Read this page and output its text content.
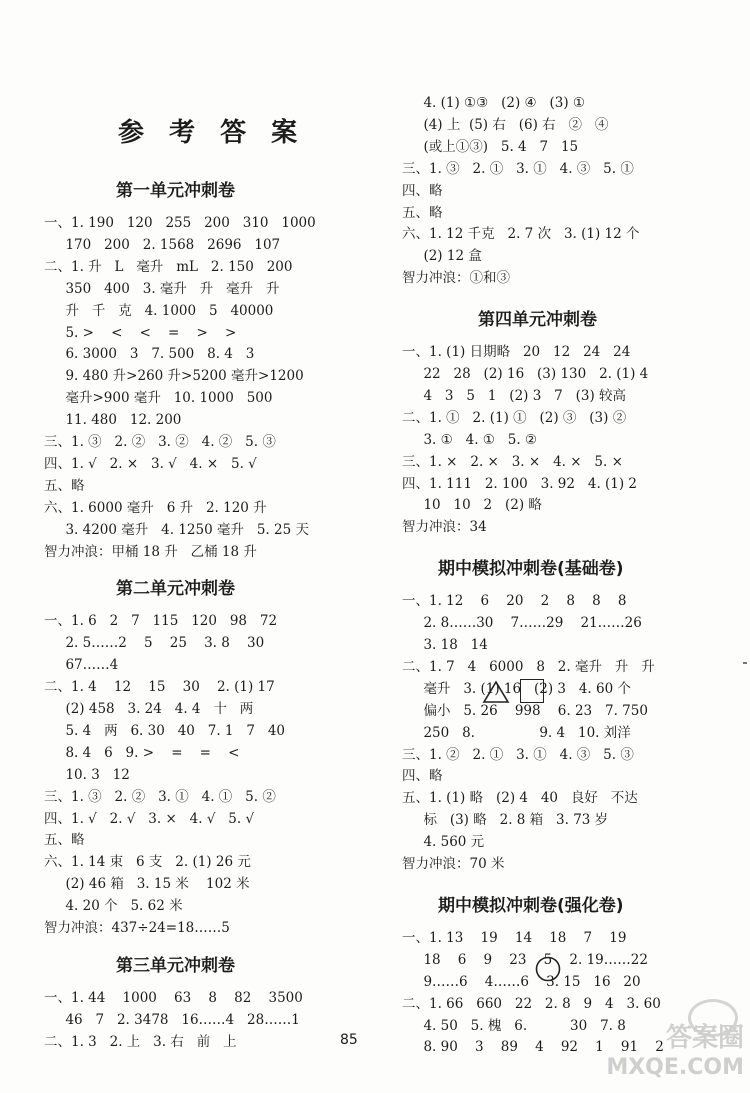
参 考 答 案
第一单元冲刺卷
一、1. 190   120   255   200   310   1000
170   200   2. 1568   2696   107
二、1. 升   L   毫升   mL   2. 150   200
350   400   3. 毫升   升   毫升   升
升   千   克   4. 1000   5   40000
5. >    <    <    =    >    >
6. 3000   3   7. 500   8. 4   3
9. 480 升>260 升>5200 毫升>1200
毫升>900 毫升   10. 1000   500
11. 480   12. 200
三、1. ③   2. ②   3. ②   4. ②   5. ③
四、1. √   2. ×   3. √   4. ×   5. √
五、略
六、1. 6000 毫升   6 升   2. 120 升
3. 4200 毫升   4. 1250 毫升   5. 25 天
智力冲浪：甲桶 18 升   乙桶 18 升
第二单元冲刺卷
一、1. 6   2   7   115   120   98   72
2. 5……2    5    25    3. 8    30
67……4
二、1. 4    12    15    30    2. (1) 17
(2) 458   3. 24   4. 4   十   两
5. 4   两   6. 30   40   7. 1   7   40
8. 4   6   9. >    =    =    <
10. 3   12
三、1. ③   2. ②   3. ①   4. ①   5. ②
四、1. √   2. √   3. ×   4. √   5. √
五、略
六、1. 14 束   6 支   2. (1) 26 元
(2) 46 箱   3. 15 米    102 米
4. 20 个   5. 62 米
智力冲浪：437÷24=18……5
第三单元冲刺卷
一、1. 44    1000    63    8    82    3500
46   7   2. 3478   16……4   28……1
二、1. 3   2. 上   3. 右   前   上
4. (1) ①③   (2) ④   (3) ①
(4) 上  (5) 右   (6) 右   ②   ④
(或上①③)   5. 4   7   15
三、1. ③   2. ①   3. ①   4. ③   5. ①
四、略
五、略
六、1. 12 千克   2. 7 次   3. (1) 12 个
(2) 12 盒
智力冲浪：①和③
第四单元冲刺卷
一、1. (1) 日期略   20   12   24   24
22   28   (2) 16   (3) 130   2. (1) 4
4   3   5   1   (2) 3   7   (3) 较高
二、1. ①   2. (1) ①   (2) ③   (3) ②
3. ①   4. ①   5. ②
三、1. ×   2. ×   3. ×   4. ×   5. ×
四、1. 111   2. 100   3. 92   4. (1) 2
10   10   2   (2) 略
智力冲浪：34
期中模拟冲刺卷(基础卷)
一、1. 12    6    20    2    8    8    8
2. 8……30    7……29    21……26
3. 18   14
二、1. 7   4   6000   8   2. 毫升   升   升
毫升   3. (1) 16   (2) 3   4. 60 个
偏小   5. 26    998    6. 23   7. 750
250   8.               9. 4   10. 刘洋
三、1. ②   2. ①   3. ①   4. ③   5. ③
四、略
五、1. (1) 略   (2) 4   40   良好   不达
标   (3) 略   2. 8 箱   3. 73 岁
4. 560 元
智力冲浪：70 米
期中模拟冲刺卷(强化卷)
一、1. 13    19    14    18    7    19
18    6    9    23    5    2. 19……22
9……6    4……6    3. 15   16   20
二、1. 66   660   22   2. 8   9   4   3. 60
4. 50   5. 槐   6.          30   7. 8
8. 90    3    89    4    92    1    91    2
85	答案圈
MXQE.COM
